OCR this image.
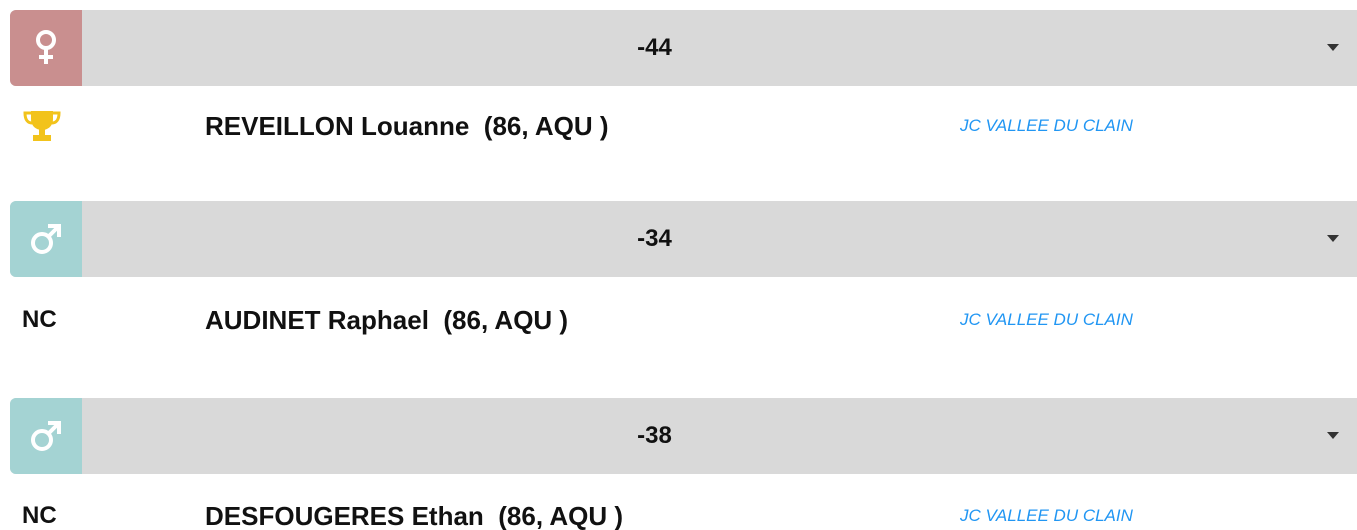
-44
REVEILLON Louanne  (86, AQU )	JC VALLEE DU CLAIN
-34
NC	AUDINET Raphael  (86, AQU )	JC VALLEE DU CLAIN
-38
NC	DESFOUGERES Ethan  (86, AQU )	JC VALLEE DU CLAIN
